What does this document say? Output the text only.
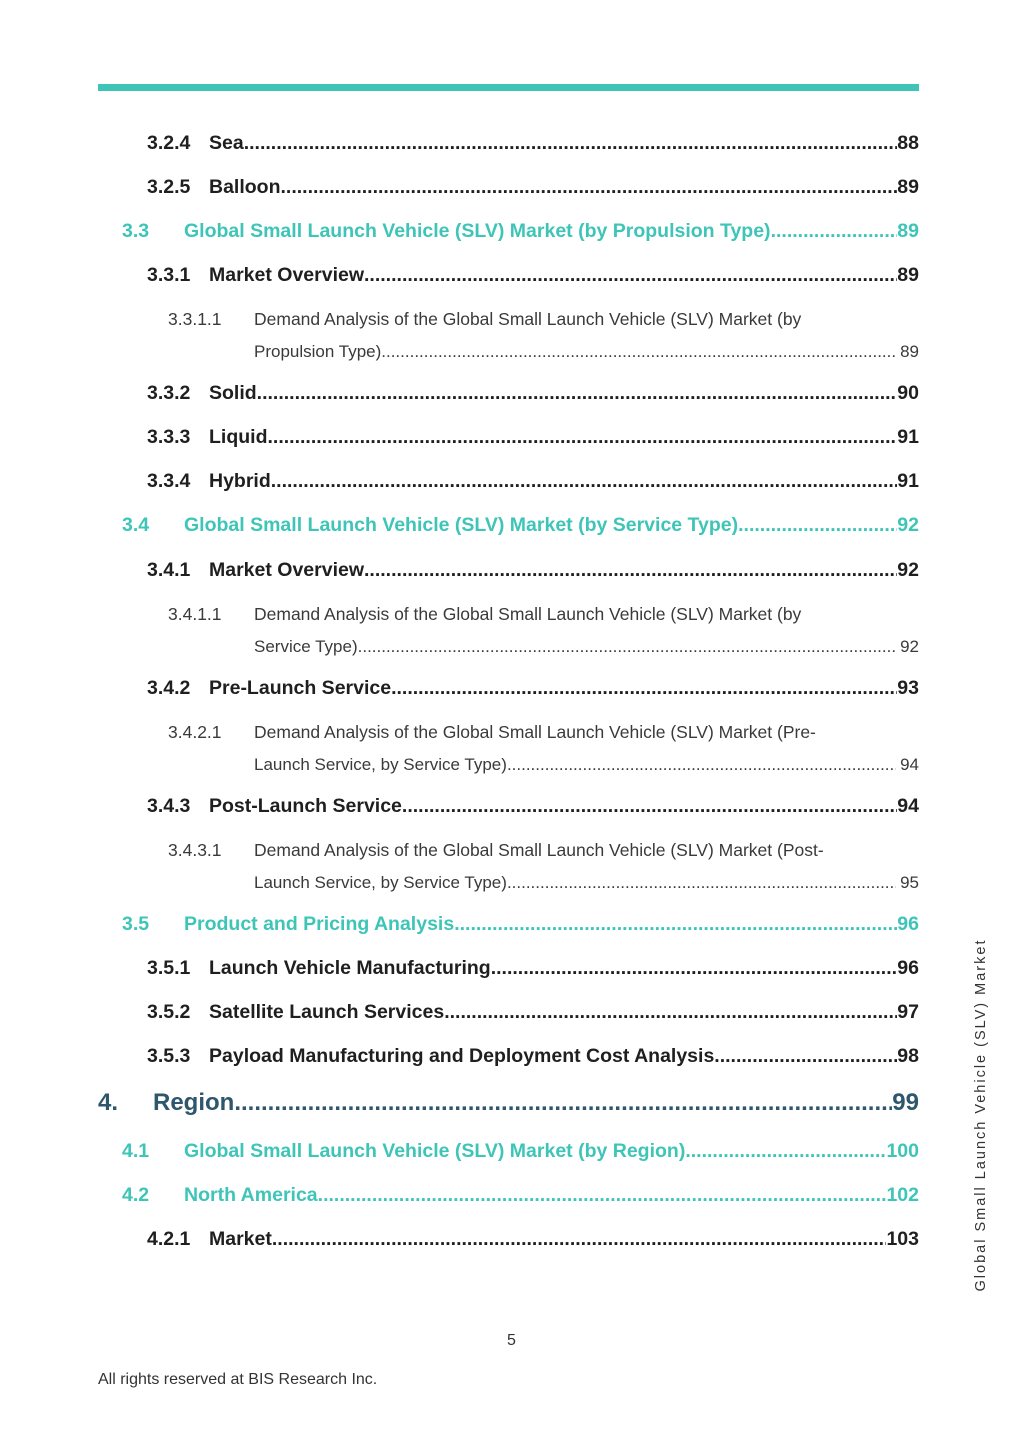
3.2.4 Sea .....	88
3.2.5 Balloon .....	89
3.3	Global Small Launch Vehicle (SLV) Market (by Propulsion Type) .....	89
3.3.1 Market Overview .....	89
3.3.1.1	Demand Analysis of the Global Small Launch Vehicle (SLV) Market (by
Propulsion Type) .....	89
3.3.2 Solid .....	90
3.3.3 Liquid .....	91
3.3.4 Hybrid .....	91
3.4	Global Small Launch Vehicle (SLV) Market (by Service Type) .....	92
3.4.1 Market Overview .....	92
3.4.1.1	Demand Analysis of the Global Small Launch Vehicle (SLV) Market (by
Service Type) .....	92
3.4.2 Pre-Launch Service .....	93
3.4.2.1	Demand Analysis of the Global Small Launch Vehicle (SLV) Market (Pre-
Launch Service, by Service Type) .....	94
3.4.3 Post-Launch Service .....	94
3.4.3.1	Demand Analysis of the Global Small Launch Vehicle (SLV) Market (Post-
Launch Service, by Service Type) .....	95
3.5	Product and Pricing Analysis .....	96
3.5.1 Launch Vehicle Manufacturing .....	96
3.5.2 Satellite Launch Services .....	97
3.5.3 Payload Manufacturing and Deployment Cost Analysis .....	98
4.	Region .....	99
4.1	Global Small Launch Vehicle (SLV) Market (by Region) .....	100
4.2	North America .....	102
4.2.1 Market .....	103	Global Small Launch Vehicle (SLV) Market
5
All rights reserved at BIS Research Inc.
